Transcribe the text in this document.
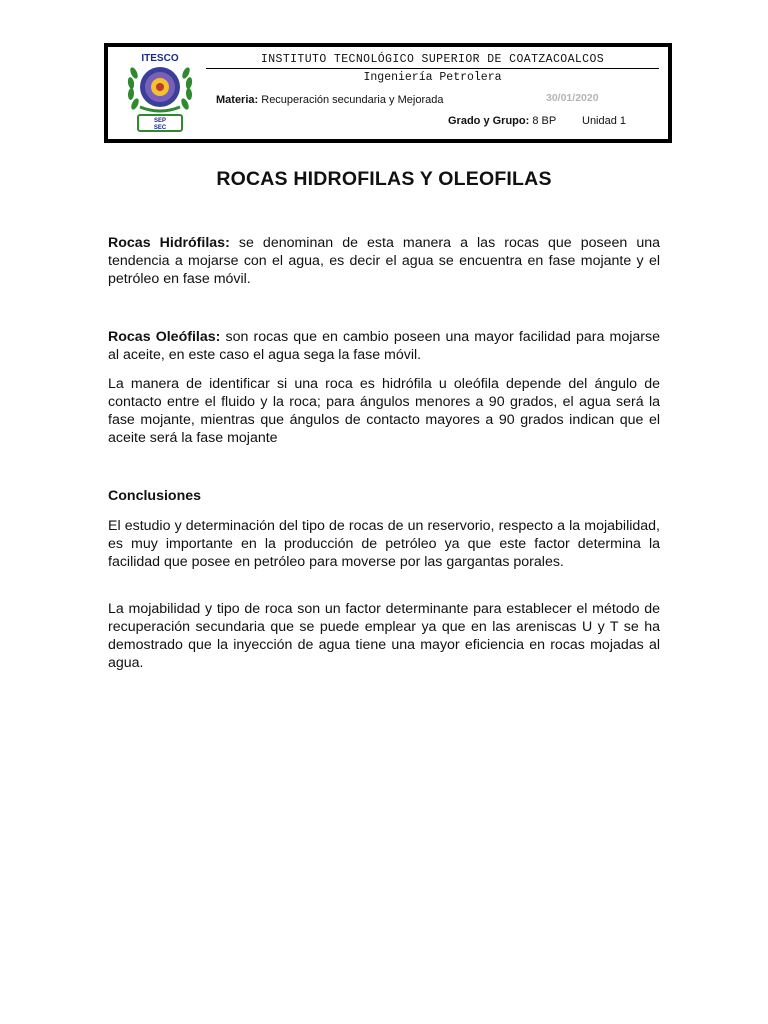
ITESCO
SEP
SEC
INSTITUTO TECNOLÓGICO SUPERIOR DE COATZACOALCOS
Ingeniería Petrolera
Materia: Recuperación secundaria y Mejorada	30/01/2020
Grado y Grupo: 8 BP Unidad 1
ROCAS HIDROFILAS Y OLEOFILAS

Rocas Hidrófilas: se denominan de esta manera a las rocas que poseen una tendencia a mojarse con el agua, es decir el agua se encuentra en fase mojante y el petróleo en fase móvil.

Rocas Oleófilas: son rocas que en cambio poseen una mayor facilidad para mojarse al aceite, en este caso el agua sega la fase móvil.

La manera de identificar si una roca es hidrófila u oleófila depende del ángulo de contacto entre el fluido y la roca; para ángulos menores a 90 grados, el agua será la fase mojante, mientras que ángulos de contacto mayores a 90 grados indican que el aceite será la fase mojante

Conclusiones

El estudio y determinación del tipo de rocas de un reservorio, respecto a la mojabilidad, es muy importante en la producción de petróleo ya que este factor determina la facilidad que posee en petróleo para moverse por las gargantas porales.

La mojabilidad y tipo de roca son un factor determinante para establecer el método de recuperación secundaria que se puede emplear ya que en las areniscas U y T se ha demostrado que la inyección de agua tiene una mayor eficiencia en rocas mojadas al agua.
